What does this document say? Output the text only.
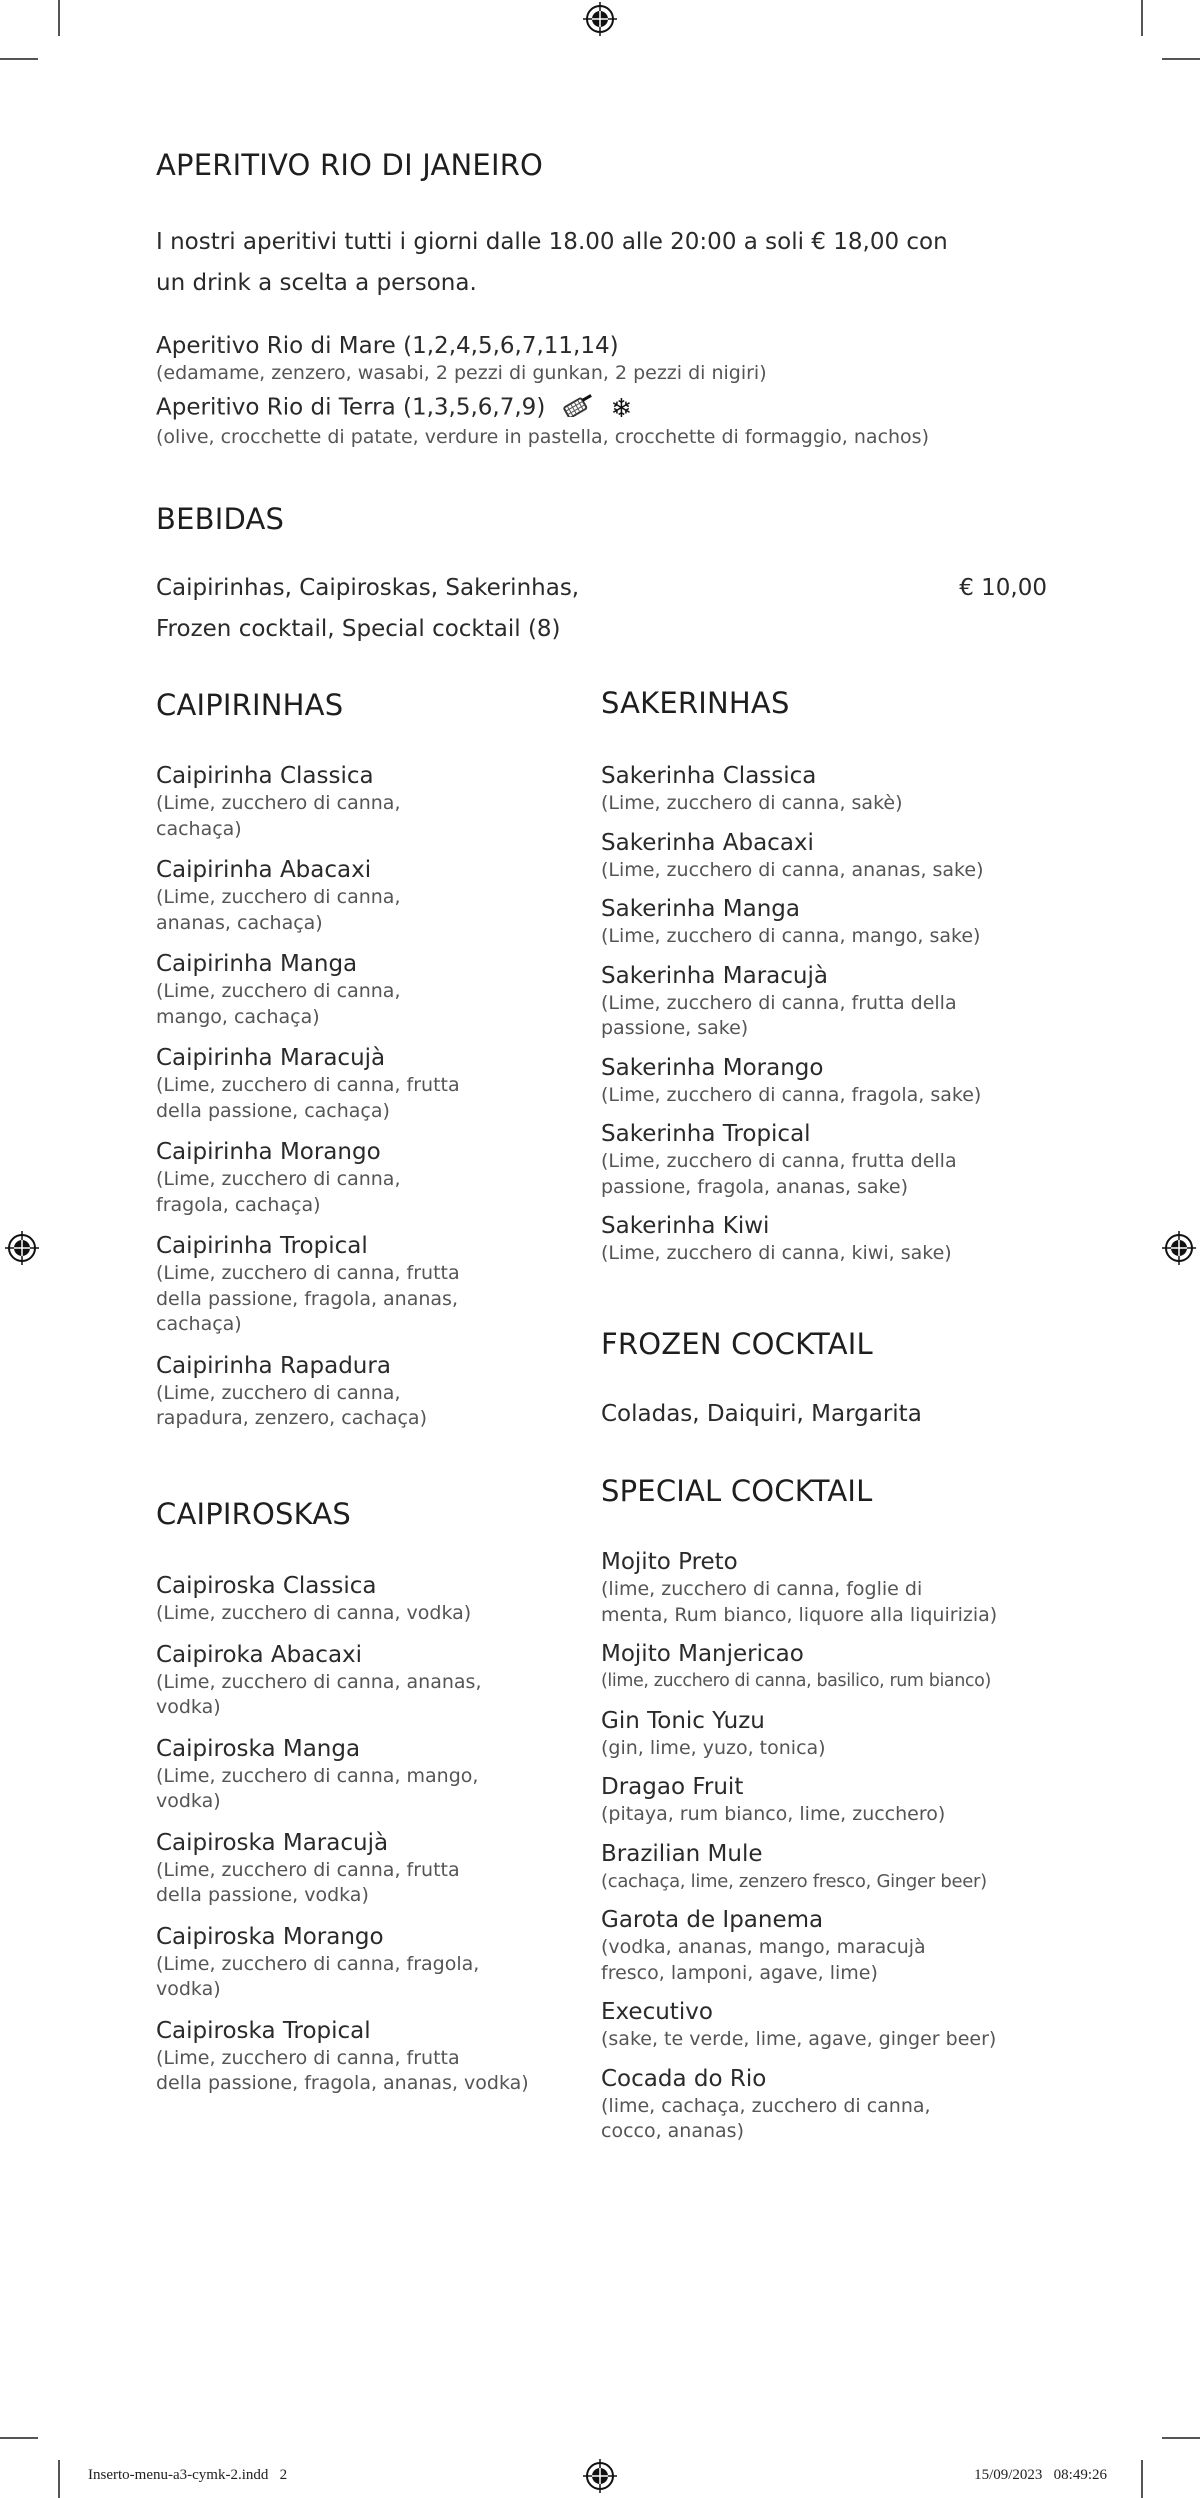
APERITIVO RIO DI JANEIRO
I nostri aperitivi tutti i giorni dalle 18.00 alle 20:00 a soli € 18,00 con
un drink a scelta a persona.
Aperitivo Rio di Mare (1,2,4,5,6,7,11,14)
(edamame, zenzero, wasabi, 2 pezzi di gunkan, 2 pezzi di nigiri)
Aperitivo Rio di Terra (1,3,5,6,7,9)	❄
(olive, crocchette di patate, verdure in pastella, crocchette di formaggio, nachos)
BEBIDAS
Caipirinhas, Caipiroskas, Sakerinhas,
Frozen cocktail, Special cocktail (8)
€ 10,00
CAIPIRINHAS
Caipirinha Classica
(Lime, zucchero di canna,
cachaça)
Caipirinha Abacaxi
(Lime, zucchero di canna,
ananas, cachaça)
Caipirinha Manga
(Lime, zucchero di canna,
mango, cachaça)
Caipirinha Maracujà
(Lime, zucchero di canna, frutta
della passione, cachaça)
Caipirinha Morango
(Lime, zucchero di canna,
fragola, cachaça)
Caipirinha Tropical
(Lime, zucchero di canna, frutta
della passione, fragola, ananas,
cachaça)
Caipirinha Rapadura
(Lime, zucchero di canna,
rapadura, zenzero, cachaça)
CAIPIROSKAS
Caipiroska Classica
(Lime, zucchero di canna, vodka)
Caipiroka Abacaxi
(Lime, zucchero di canna, ananas,
vodka)
Caipiroska Manga
(Lime, zucchero di canna, mango,
vodka)
Caipiroska Maracujà
(Lime, zucchero di canna, frutta
della passione, vodka)
Caipiroska Morango
(Lime, zucchero di canna, fragola,
vodka)
Caipiroska Tropical
(Lime, zucchero di canna, frutta
della passione, fragola, ananas, vodka)
SAKERINHAS
Sakerinha Classica
(Lime, zucchero di canna, sakè)
Sakerinha Abacaxi
(Lime, zucchero di canna, ananas, sake)
Sakerinha Manga
(Lime, zucchero di canna, mango, sake)
Sakerinha Maracujà
(Lime, zucchero di canna, frutta della
passione, sake)
Sakerinha Morango
(Lime, zucchero di canna, fragola, sake)
Sakerinha Tropical
(Lime, zucchero di canna, frutta della
passione, fragola, ananas, sake)
Sakerinha Kiwi
(Lime, zucchero di canna, kiwi, sake)
FROZEN COCKTAIL
Coladas, Daiquiri, Margarita
SPECIAL COCKTAIL
Mojito Preto
(lime, zucchero di canna, foglie di
menta, Rum bianco, liquore alla liquirizia)
Mojito Manjericao
(lime, zucchero di canna, basilico, rum bianco)
Gin Tonic Yuzu
(gin, lime, yuzo, tonica)
Dragao Fruit
(pitaya, rum bianco, lime, zucchero)
Brazilian Mule
(cachaça, lime, zenzero fresco, Ginger beer)
Garota de Ipanema
(vodka, ananas, mango, maracujà
fresco, lamponi, agave, lime)
Executivo
(sake, te verde, lime, agave, ginger beer)
Cocada do Rio
(lime, cachaça, zucchero di canna,
cocco, ananas)
Inserto-menu-a3-cymk-2.indd   2	15/09/2023   08:49:26
